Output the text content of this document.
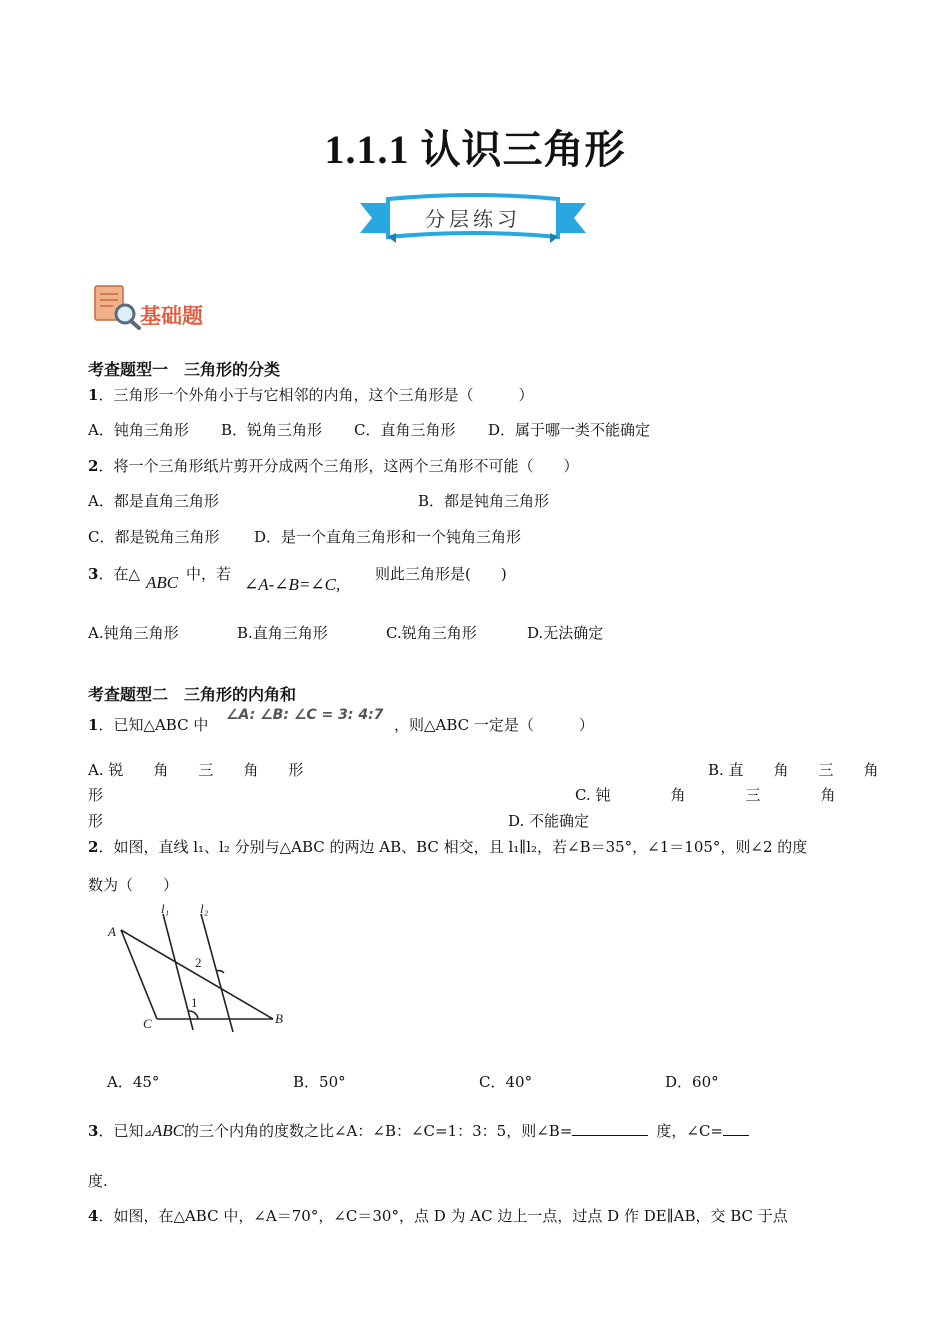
1.1.1 认识三角形
分层练习
基础题
考查题型一　三角形的分类
1．三角形一个外角小于与它相邻的内角，这个三角形是（　　　）
A．钝角三角形 B．锐角三角形 C．直角三角形 D．属于哪一类不能确定
2．将一个三角形纸片剪开分成两个三角形，这两个三角形不可能（　　）
A．都是直角三角形	B．都是钝角三角形
C．都是锐角三角形 D．是一个直角三角形和一个钝角三角形
3．在△ ABC 中，若
∠A-∠B=∠C,
则此三角形是(　　)
A.钝角三角形	B.直角三角形	C.锐角三角形	D.无法确定
考查题型二　三角形的内角和
1．已知△ABC 中
∠A: ∠B: ∠C = 3: 4:7
，则△ABC 一定是（　　　）
A. 锐　　角　　三　　角　　形	B. 直　　角　　三　　角
形	C. 钝　　　　角　　　　三　　　　角
形	D. 不能确定
2．如图，直线 l₁、l₂ 分别与△ABC 的两边 AB、BC 相交，且 l₁∥l₂，若∠B＝35°，∠1＝105°，则∠2 的度
数为（　　）
A
B
C
l₁ l₂
1
2
A．45°	B．50°	C．40°	D．60°
3．已知⊿ABC的三个内角的度数之比∠A：∠B：∠C=1：3：5，则∠B=	度，∠C=
度.
4．如图，在△ABC 中，∠A＝70°，∠C＝30°，点 D 为 AC 边上一点，过点 D 作 DE∥AB，交 BC 于点
